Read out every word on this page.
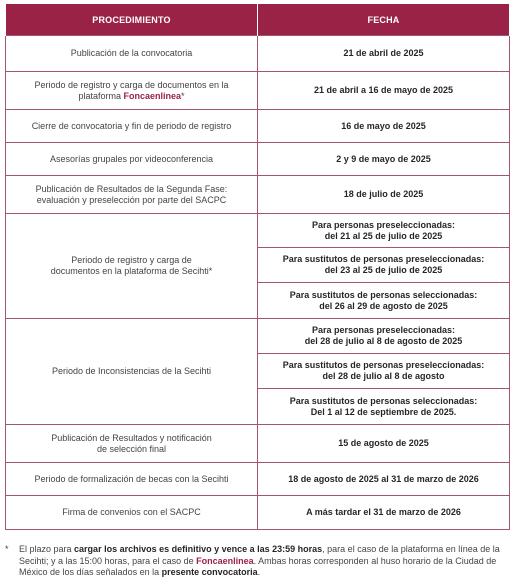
PROCEDIMIENTO	FECHA
Publicación de la convocatoria	21 de abril de 2025
Periodo de registro y carga de documentos en la
plataforma Foncaenlinea*	21 de abril a 16 de mayo de 2025
Cierre de convocatoria y fin de periodo de registro	16 de mayo de 2025
Asesorías grupales por videoconferencia	2 y 9 de mayo de 2025
Publicación de Resultados de la Segunda Fase:
evaluación y preselección por parte del SACPC	18 de julio de 2025
Periodo de registro y carga de
documentos en la plataforma de Secihti*	Para personas preseleccionadas:
del 21 al 25 de julio de 2025
	Para sustitutos de personas preseleccionadas:
del 23 al 25 de julio de 2025
	Para sustitutos de personas seleccionadas:
del 26 al 29 de agosto de 2025
Periodo de Inconsistencias de la Secihti	Para personas preseleccionadas:
del 28 de julio al 8 de agosto de 2025
	Para sustitutos de personas preseleccionadas:
del 28 de julio al 8 de agosto
	Para sustitutos de personas seleccionadas:
Del 1 al 12 de septiembre de 2025.
Publicación de Resultados y notificación
de selección final	15 de agosto de 2025
Periodo de formalización de becas con la Secihti	18 de agosto de 2025 al 31 de marzo de 2026
Firma de convenios con el SACPC	A más tardar el 31 de marzo de 2026
* El plazo para cargar los archivos es definitivo y vence a las 23:59 horas, para el caso de la plataforma en línea de la Secihti; y a las 15:00 horas, para el caso de Foncaenlinea. Ambas horas corresponden al huso horario de la Ciudad de México de los días señalados en la presente convocatoria.
